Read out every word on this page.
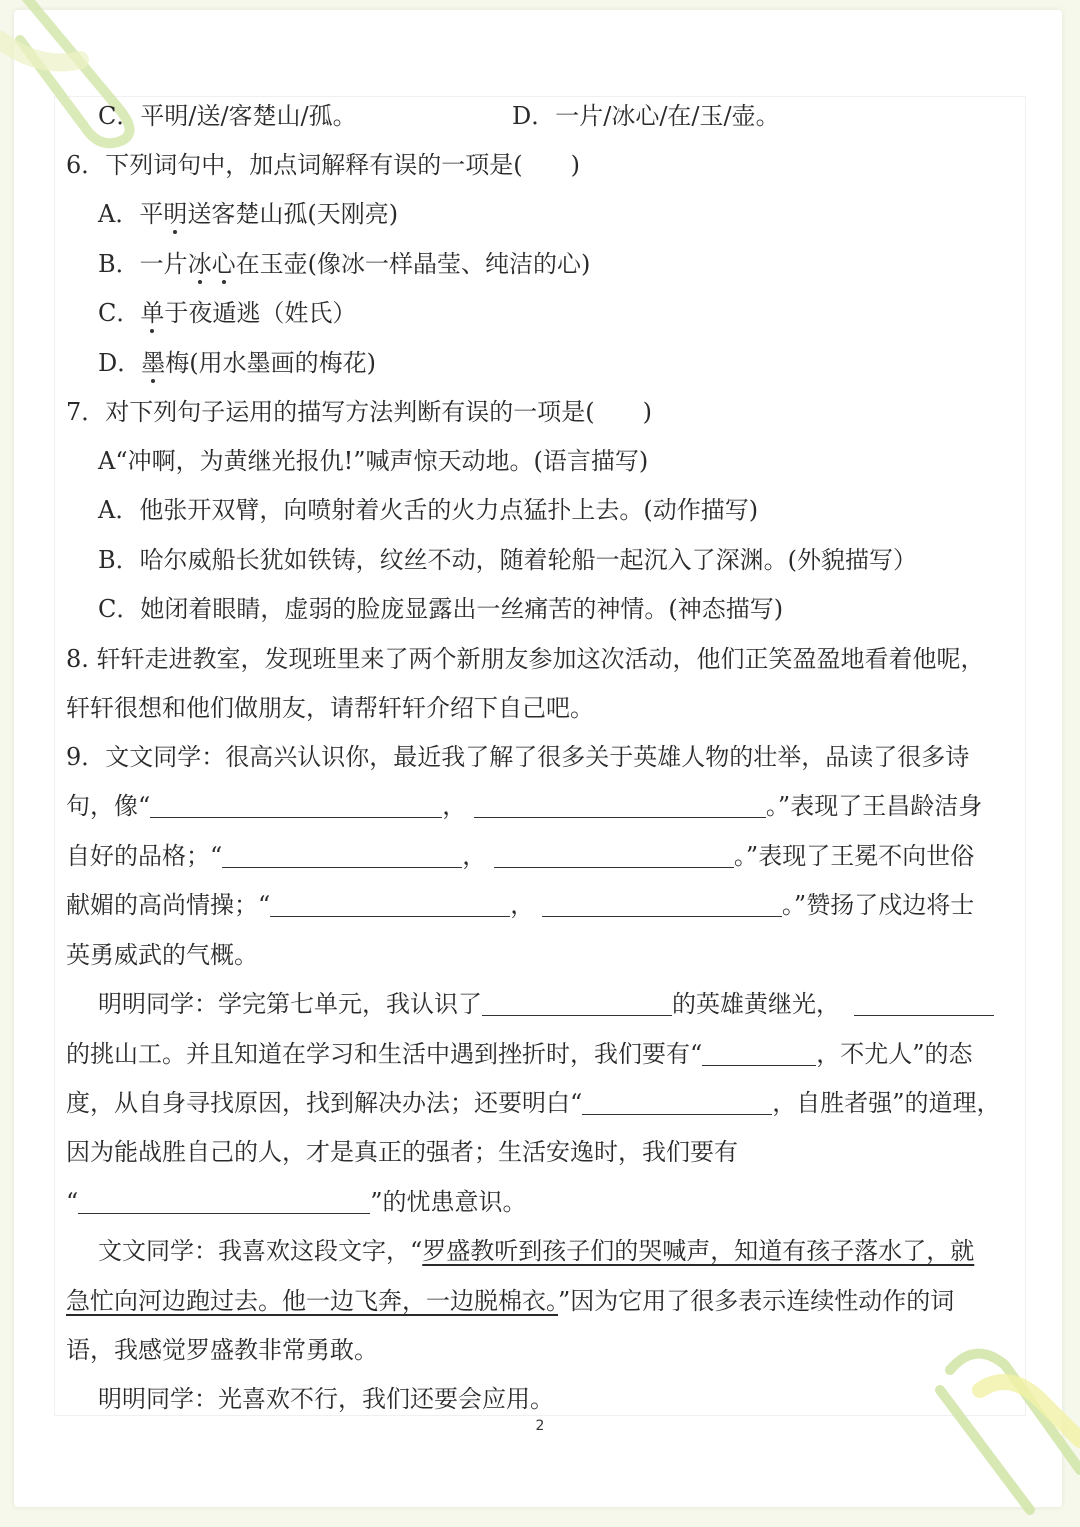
C．平明/送/客楚山/孤。	D．一片/冰心/在/玉/壶。
6．下列词句中，加点词解释有误的一项是(　　)
A．平明送客楚山孤(天刚亮)
B．一片冰心在玉壶(像冰一样晶莹、纯洁的心)
C．单于夜遁逃（姓氏）
D．墨梅(用水墨画的梅花)
7．对下列句子运用的描写方法判断有误的一项是(　　)
A“冲啊，为黄继光报仇!”喊声惊天动地。(语言描写)
A．他张开双臂，向喷射着火舌的火力点猛扑上去。(动作描写)
B．哈尔威船长犹如铁铸，纹丝不动，随着轮船一起沉入了深渊。(外貌描写）
C．她闭着眼睛，虚弱的脸庞显露出一丝痛苦的神情。(神态描写)
8. 轩轩走进教室，发现班里来了两个新朋友参加这次活动，他们正笑盈盈地看着他呢，
轩轩很想和他们做朋友，请帮轩轩介绍下自己吧。
9．文文同学：很高兴认识你，最近我了解了很多关于英雄人物的壮举，品读了很多诗
句，像“	，	。”表现了王昌龄洁身
自好的品格；“	，	。”表现了王冕不向世俗
献媚的高尚情操；“	，	。”赞扬了戍边将士
英勇威武的气概。
明明同学：学完第七单元，我认识了	的英雄黄继光，
的挑山工。并且知道在学习和生活中遇到挫折时，我们要有“	，不尤人”的态
度，从自身寻找原因，找到解决办法；还要明白“	，自胜者强”的道理，
因为能战胜自己的人，才是真正的强者；生活安逸时，我们要有
“	”的忧患意识。
文文同学：我喜欢这段文字，“罗盛教听到孩子们的哭喊声，知道有孩子落水了，就
急忙向河边跑过去。他一边飞奔，一边脱棉衣。”因为它用了很多表示连续性动作的词
语，我感觉罗盛教非常勇敢。
明明同学：光喜欢不行，我们还要会应用。
2
